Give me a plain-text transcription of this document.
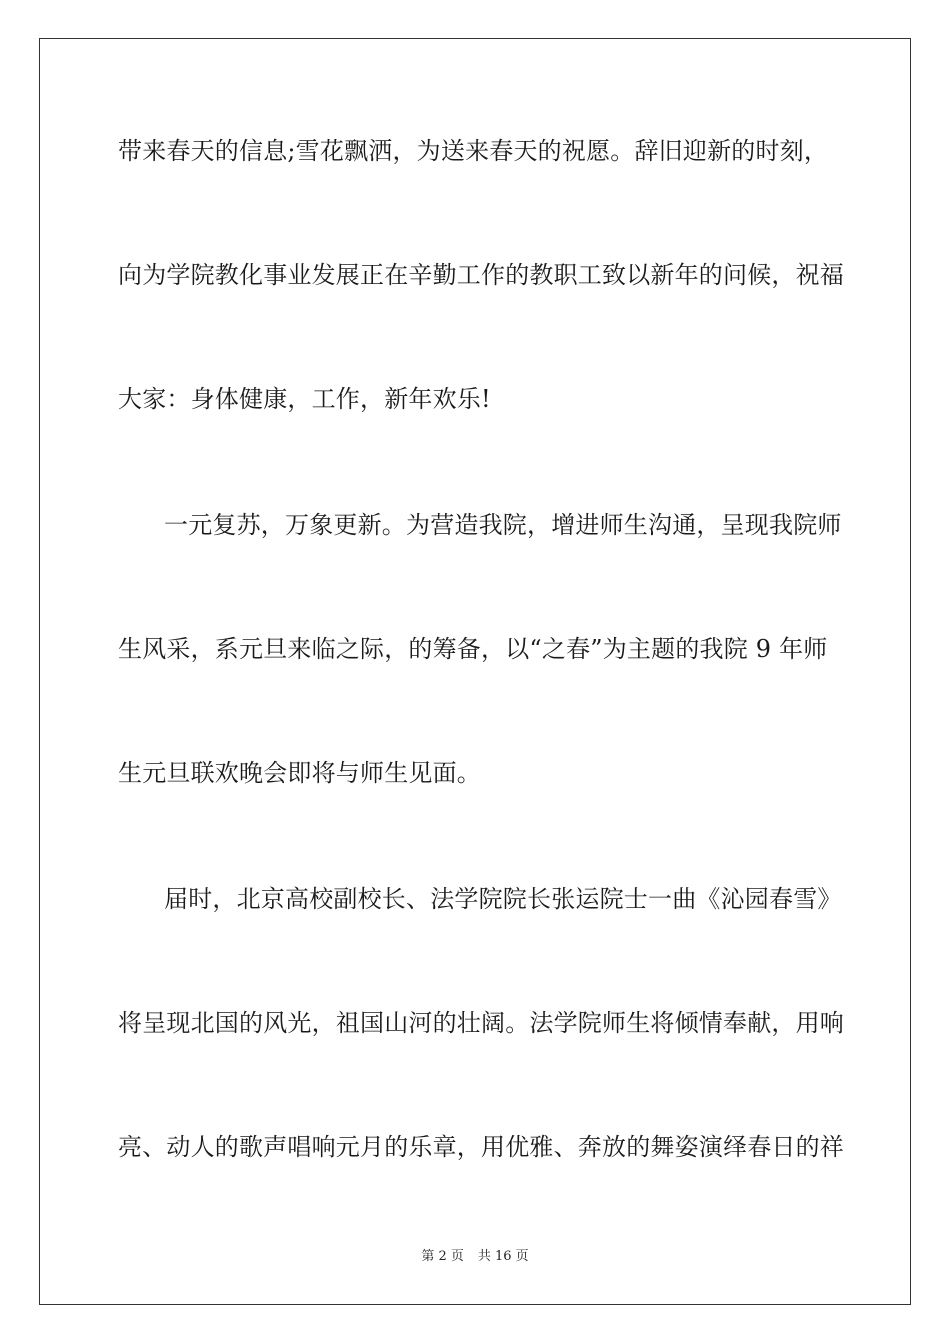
带来春天的信息;雪花飘洒，为送来春天的祝愿。辞旧迎新的时刻，
向为学院教化事业发展正在辛勤工作的教职工致以新年的问候，祝福
大家：身体健康，工作，新年欢乐!
一元复苏，万象更新。为营造我院，增进师生沟通，呈现我院师
生风采，系元旦来临之际，的筹备，以“之春”为主题的我院 9 年师
生元旦联欢晚会即将与师生见面。
届时，北京高校副校长、法学院院长张运院士一曲《沁园春雪》
将呈现北国的风光，祖国山河的壮阔。法学院师生将倾情奉献，用响
亮、动人的歌声唱响元月的乐章，用优雅、奔放的舞姿演绎春日的祥
第 2 页 共 16 页
